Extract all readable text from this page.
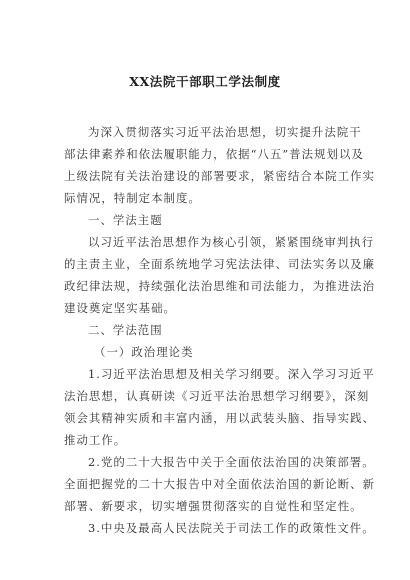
XX法院干部职工学法制度
为深入贯彻落实习近平法治思想，切实提升法院干
部法律素养和依法履职能力，依据“八五”普法规划以及
上级法院有关法治建设的部署要求，紧密结合本院工作实
际情况，特制定本制度。
一、学法主题
以习近平法治思想作为核心引领，紧紧围绕审判执行
的主责主业，全面系统地学习宪法法律、司法实务以及廉
政纪律法规，持续强化法治思维和司法能力，为推进法治
建设奠定坚实基础。
二、学法范围
（一）政治理论类
1.习近平法治思想及相关学习纲要。深入学习习近平
法治思想，认真研读《习近平法治思想学习纲要》，深刻
领会其精神实质和丰富内涵，用以武装头脑、指导实践、
推动工作。
2.党的二十大报告中关于全面依法治国的决策部署。
全面把握党的二十大报告中对全面依法治国的新论断、新
部署、新要求，切实增强贯彻落实的自觉性和坚定性。
3.中央及最高人民法院关于司法工作的政策性文件。
